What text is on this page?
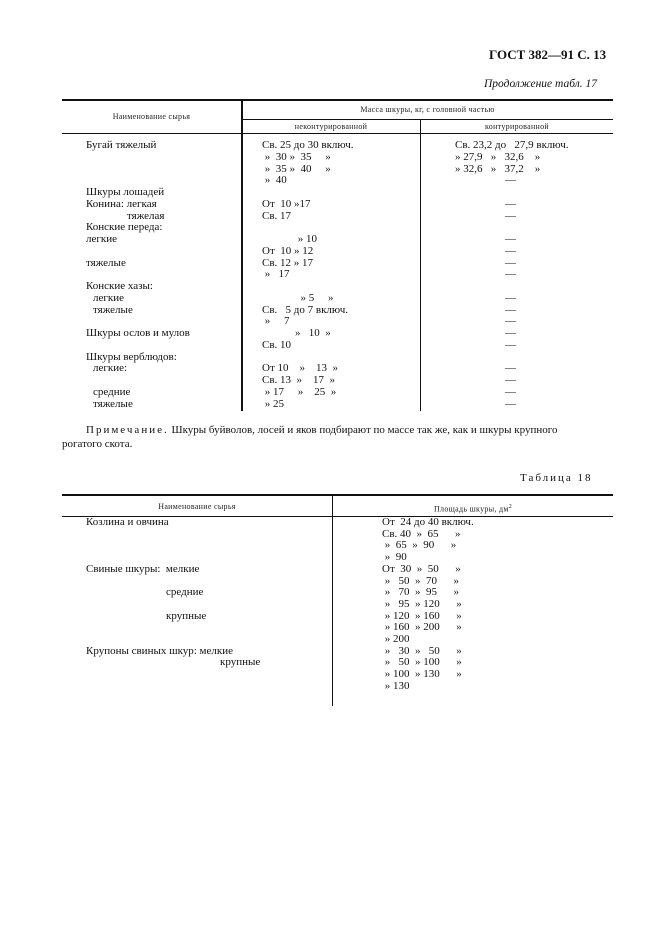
ГОСТ 382—91 С. 13
Продолжение табл. 17
Наименование сырья
Масса шкуры, кг, с головной частью
неконтурированной	контурированной
Бугай тяжелый	Св. 25 до 30 включ.	Св. 23,2 до   27,9 включ.
»  30 »  35     »	» 27,9   »   32,6    »
»  35 »  40     »	» 32,6   »   37,2    »
»  40	—
Шкуры лошадей
Конина: легкая	От  10 »17	—
тяжелая	Св. 17	—
Конские переда:
легкие	» 10	—
От  10 » 12	—
тяжелые	Св. 12 » 17	—
»   17	—
Конские хазы:
легкие	» 5     »	—
тяжелые	Св.   5 до 7 включ.	—
»     7	—
Шкуры ослов и мулов	»   10  »	—
Св. 10	—
Шкуры верблюдов:
легкие:	От 10    »    13  »	—
Св. 13  »    17  »	—
средние	» 17     »    25  »	—
тяжелые	» 25	—
Примечание. Шкуры буйволов, лосей и яков подбирают по массе так же, как и шкуры крупного
рогатого скота.
Таблица 18
Наименование сырья	Площадь шкуры, $дм^2$
Козлина и овчина	От  24 до 40 включ.
Св. 40  »  65      »
»  65  »  90      »
»  90
Свиные шкуры:  мелкие	От  30  »  50      »
»   50  »  70      »
средние	»   70  »  95      »
»   95  » 120      »
крупные	» 120  » 160      »
» 160  » 200      »
» 200
Крупоны свиных шкур: мелкие	»   30  »   50      »
крупные	»   50  » 100      »
» 100  » 130      »
» 130
